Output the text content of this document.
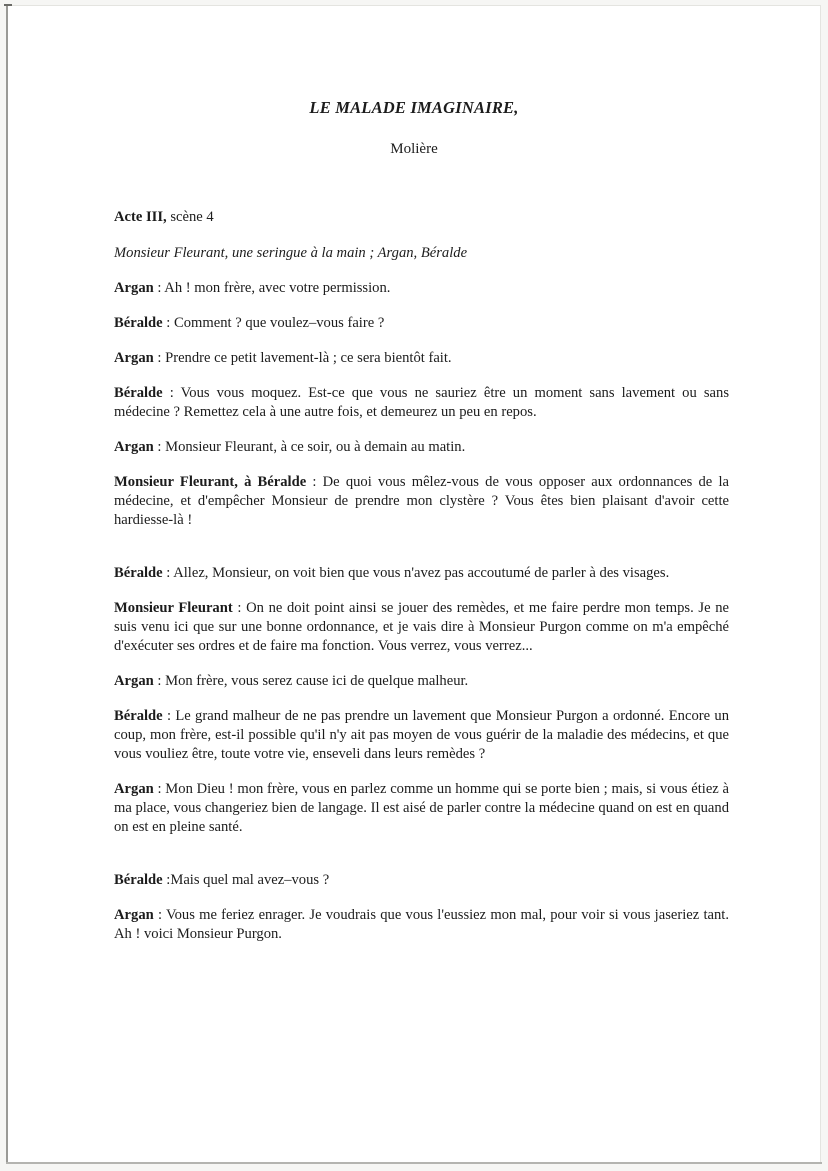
LE MALADE IMAGINAIRE,
Molière

Acte III, scène 4

Monsieur Fleurant, une seringue à la main ; Argan, Béralde

Argan : Ah ! mon frère, avec votre permission.

Béralde : Comment ? que voulez–vous faire ?

Argan : Prendre ce petit lavement-là ; ce sera bientôt fait.

Béralde : Vous vous moquez. Est-ce que vous ne sauriez être un moment sans lavement ou sans médecine ? Remettez cela à une autre fois, et demeurez un peu en repos.

Argan : Monsieur Fleurant, à ce soir, ou à demain au matin.

Monsieur Fleurant, à Béralde : De quoi vous mêlez-vous de vous opposer aux ordonnances de la médecine, et d'empêcher Monsieur de prendre mon clystère ? Vous êtes bien plaisant d'avoir cette hardiesse-là !

Béralde : Allez, Monsieur, on voit bien que vous n'avez pas accoutumé de parler à des visages.

Monsieur Fleurant : On ne doit point ainsi se jouer des remèdes, et me faire perdre mon temps. Je ne suis venu ici que sur une bonne ordonnance, et je vais dire à Monsieur Purgon comme on m'a empêché d'exécuter ses ordres et de faire ma fonction. Vous verrez, vous verrez...

Argan : Mon frère, vous serez cause ici de quelque malheur.

Béralde : Le grand malheur de ne pas prendre un lavement que Monsieur Purgon a ordonné. Encore un coup, mon frère, est-il possible qu'il n'y ait pas moyen de vous guérir de la maladie des médecins, et que vous vouliez être, toute votre vie, enseveli dans leurs remèdes ?

Argan : Mon Dieu ! mon frère, vous en parlez comme un homme qui se porte bien ; mais, si vous étiez à ma place, vous changeriez bien de langage. Il est aisé de parler contre la médecine quand on est en quand on est en pleine santé.

Béralde :Mais quel mal avez–vous ?

Argan : Vous me feriez enrager. Je voudrais que vous l'eussiez mon mal, pour voir si vous jaseriez tant. Ah ! voici Monsieur Purgon.
